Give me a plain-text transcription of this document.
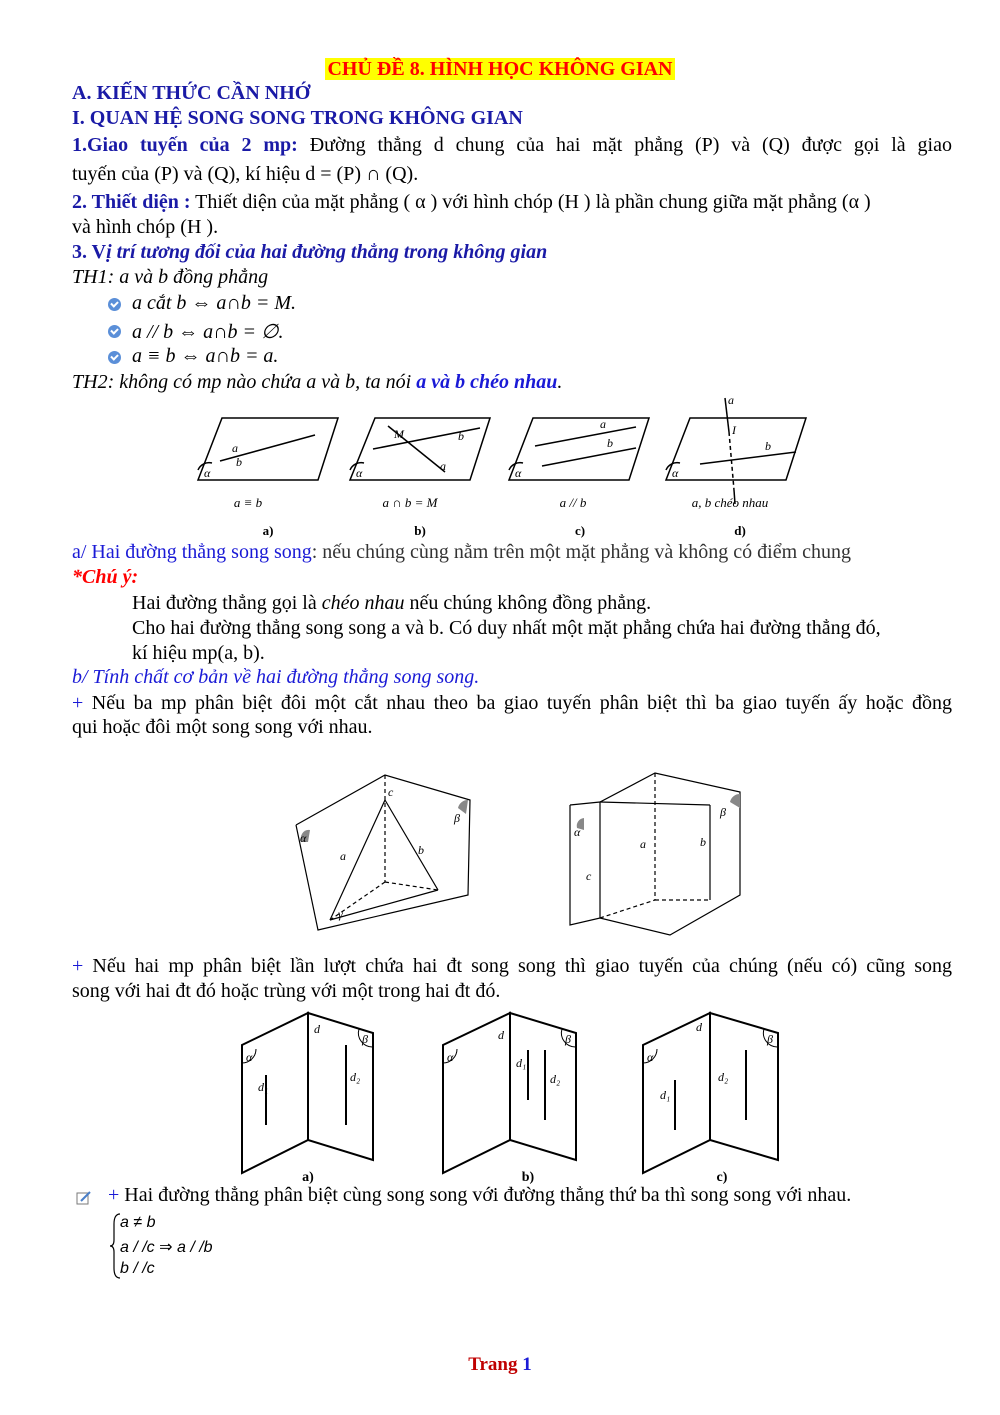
CHỦ ĐỀ 8. HÌNH HỌC KHÔNG GIAN
A. KIẾN THỨC CẦN NHỚ
I. QUAN HỆ SONG SONG TRONG KHÔNG GIAN
1.Giao tuyến của 2 mp: Đường thẳng d chung của hai mặt phẳng (P) và (Q) được gọi là giao
tuyến của (P) và (Q), kí hiệu d = (P) ∩ (Q).
2. Thiết diện : Thiết diện của mặt phẳng ( α ) với hình chóp (H ) là phần chung giữa mặt phẳng (α )
và hình chóp (H ).
3. Vị trí tương đối của hai đường thẳng trong không gian
TH1: a và b đồng phẳng
a cắt b ⇔ a∩b = M.
a // b ⇔ a∩b = ∅.
a ≡ b ⇔ a∩b = a.
TH2: không có mp nào chứa a và b, ta nói a và b chéo nhau.
α
a
b
α
M	b
a	α
a
b
α
a
I
b
a ≡ b	a ∩ b = M	a // b	a, b chéo nhau
a)	b)	c)	d)
a/ Hai đường thẳng song song: nếu chúng cùng nằm trên một mặt phẳng và không có điểm chung
*Chú ý:
Hai đường thẳng gọi là chéo nhau nếu chúng không đồng phẳng.
Cho hai đường thẳng song song a và b. Có duy nhất một mặt phẳng chứa hai đường thẳng đó,
kí hiệu mp(a, b).
b/ Tính chất cơ bản về hai đường thẳng song song.
+ Nếu ba mp phân biệt đôi một cắt nhau theo ba giao tuyến phân biệt thì ba giao tuyến ấy hoặc đồng
qui hoặc đôi một song song với nhau.
c
β
α
a	b
γ
β
α
a	b
c
+ Nếu hai mp phân biệt lần lượt chứa hai đt song song thì giao tuyến của chúng (nếu có) cũng song
song với hai đt đó hoặc trùng với một trong hai đt đó.
α
β
d
d₁
d₂
α
β
d
d₁
d₂
α
β
d
d₁
d₂
a)	b)	c)
+ Hai đường thẳng phân biệt cùng song song với đường thẳng thứ ba thì song song với nhau.
a ≠ b
a / /c ⇒ a / /b
b / /c
Trang 1
